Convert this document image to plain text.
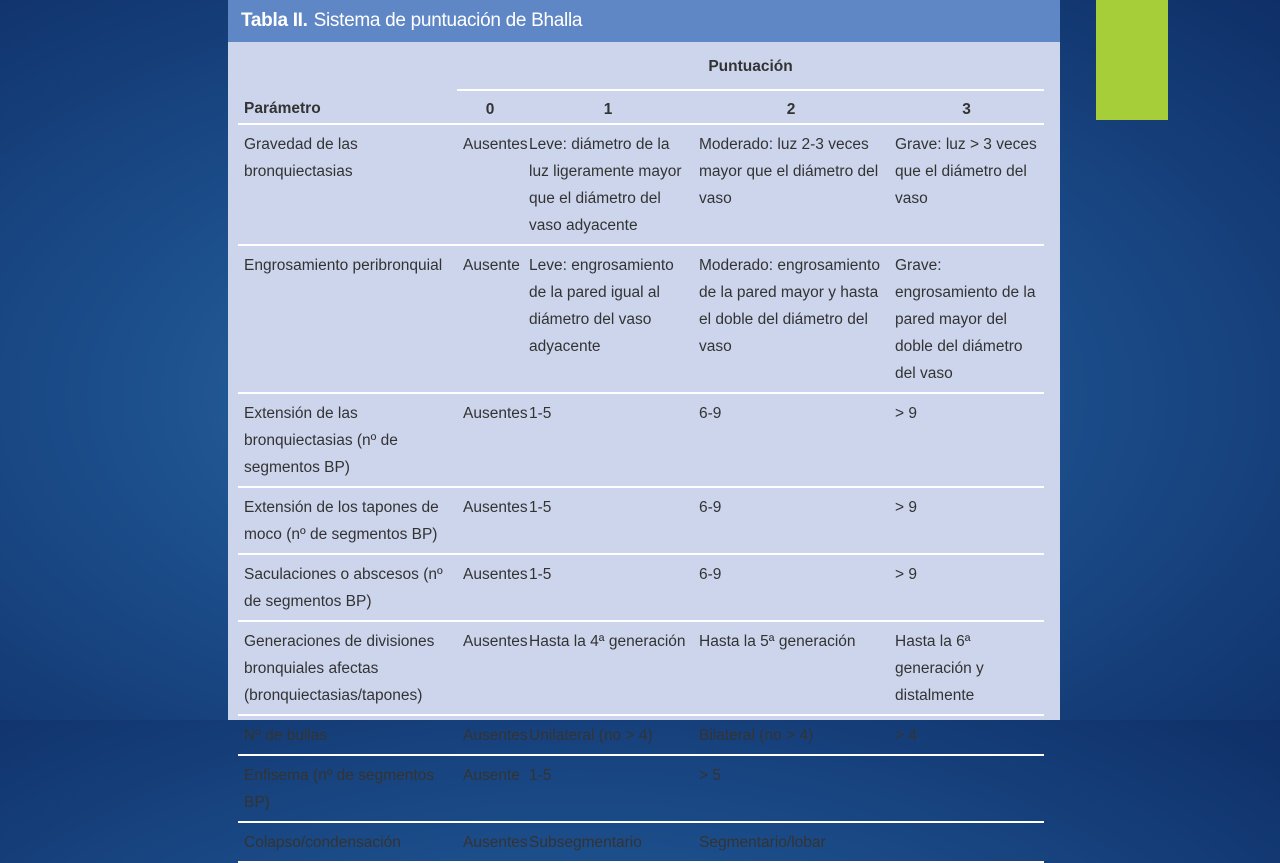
Tabla II. Sistema de puntuación de Bhalla
	Puntuación			
Parámetro	0	1	2	3
Gravedad de las bronquiectasias	Ausentes	Leve: diámetro de la luz ligeramente mayor que el diámetro del vaso adyacente	Moderado: luz 2-3 veces mayor que el diámetro del vaso	Grave: luz > 3 veces que el diámetro del vaso
Engrosamiento peribronquial	Ausente	Leve: engrosamiento de la pared igual al diámetro del vaso adyacente	Moderado: engrosamiento de la pared mayor y hasta el doble del diámetro del vaso	Grave: engrosamiento de la pared mayor del doble del diámetro del vaso
Extensión de las bronquiectasias (nº de segmentos BP)	Ausentes	1-5	6-9	> 9
Extensión de los tapones de moco (nº de segmentos BP)	Ausentes	1-5	6-9	> 9
Saculaciones o abscesos (nº de segmentos BP)	Ausentes	1-5	6-9	> 9
Generaciones de divisiones bronquiales afectas (bronquiectasias/tapones)	Ausentes	Hasta la 4ª generación	Hasta la 5ª generación	Hasta la 6ª generación y distalmente
Nº de bullas	Ausentes	Unilateral (no > 4)	Bilateral (no > 4)	> 4
Enfisema (nº de segmentos BP)	Ausente	1-5	> 5	
Colapso/condensación	Ausentes	Subsegmentario	Segmentario/lobar	
